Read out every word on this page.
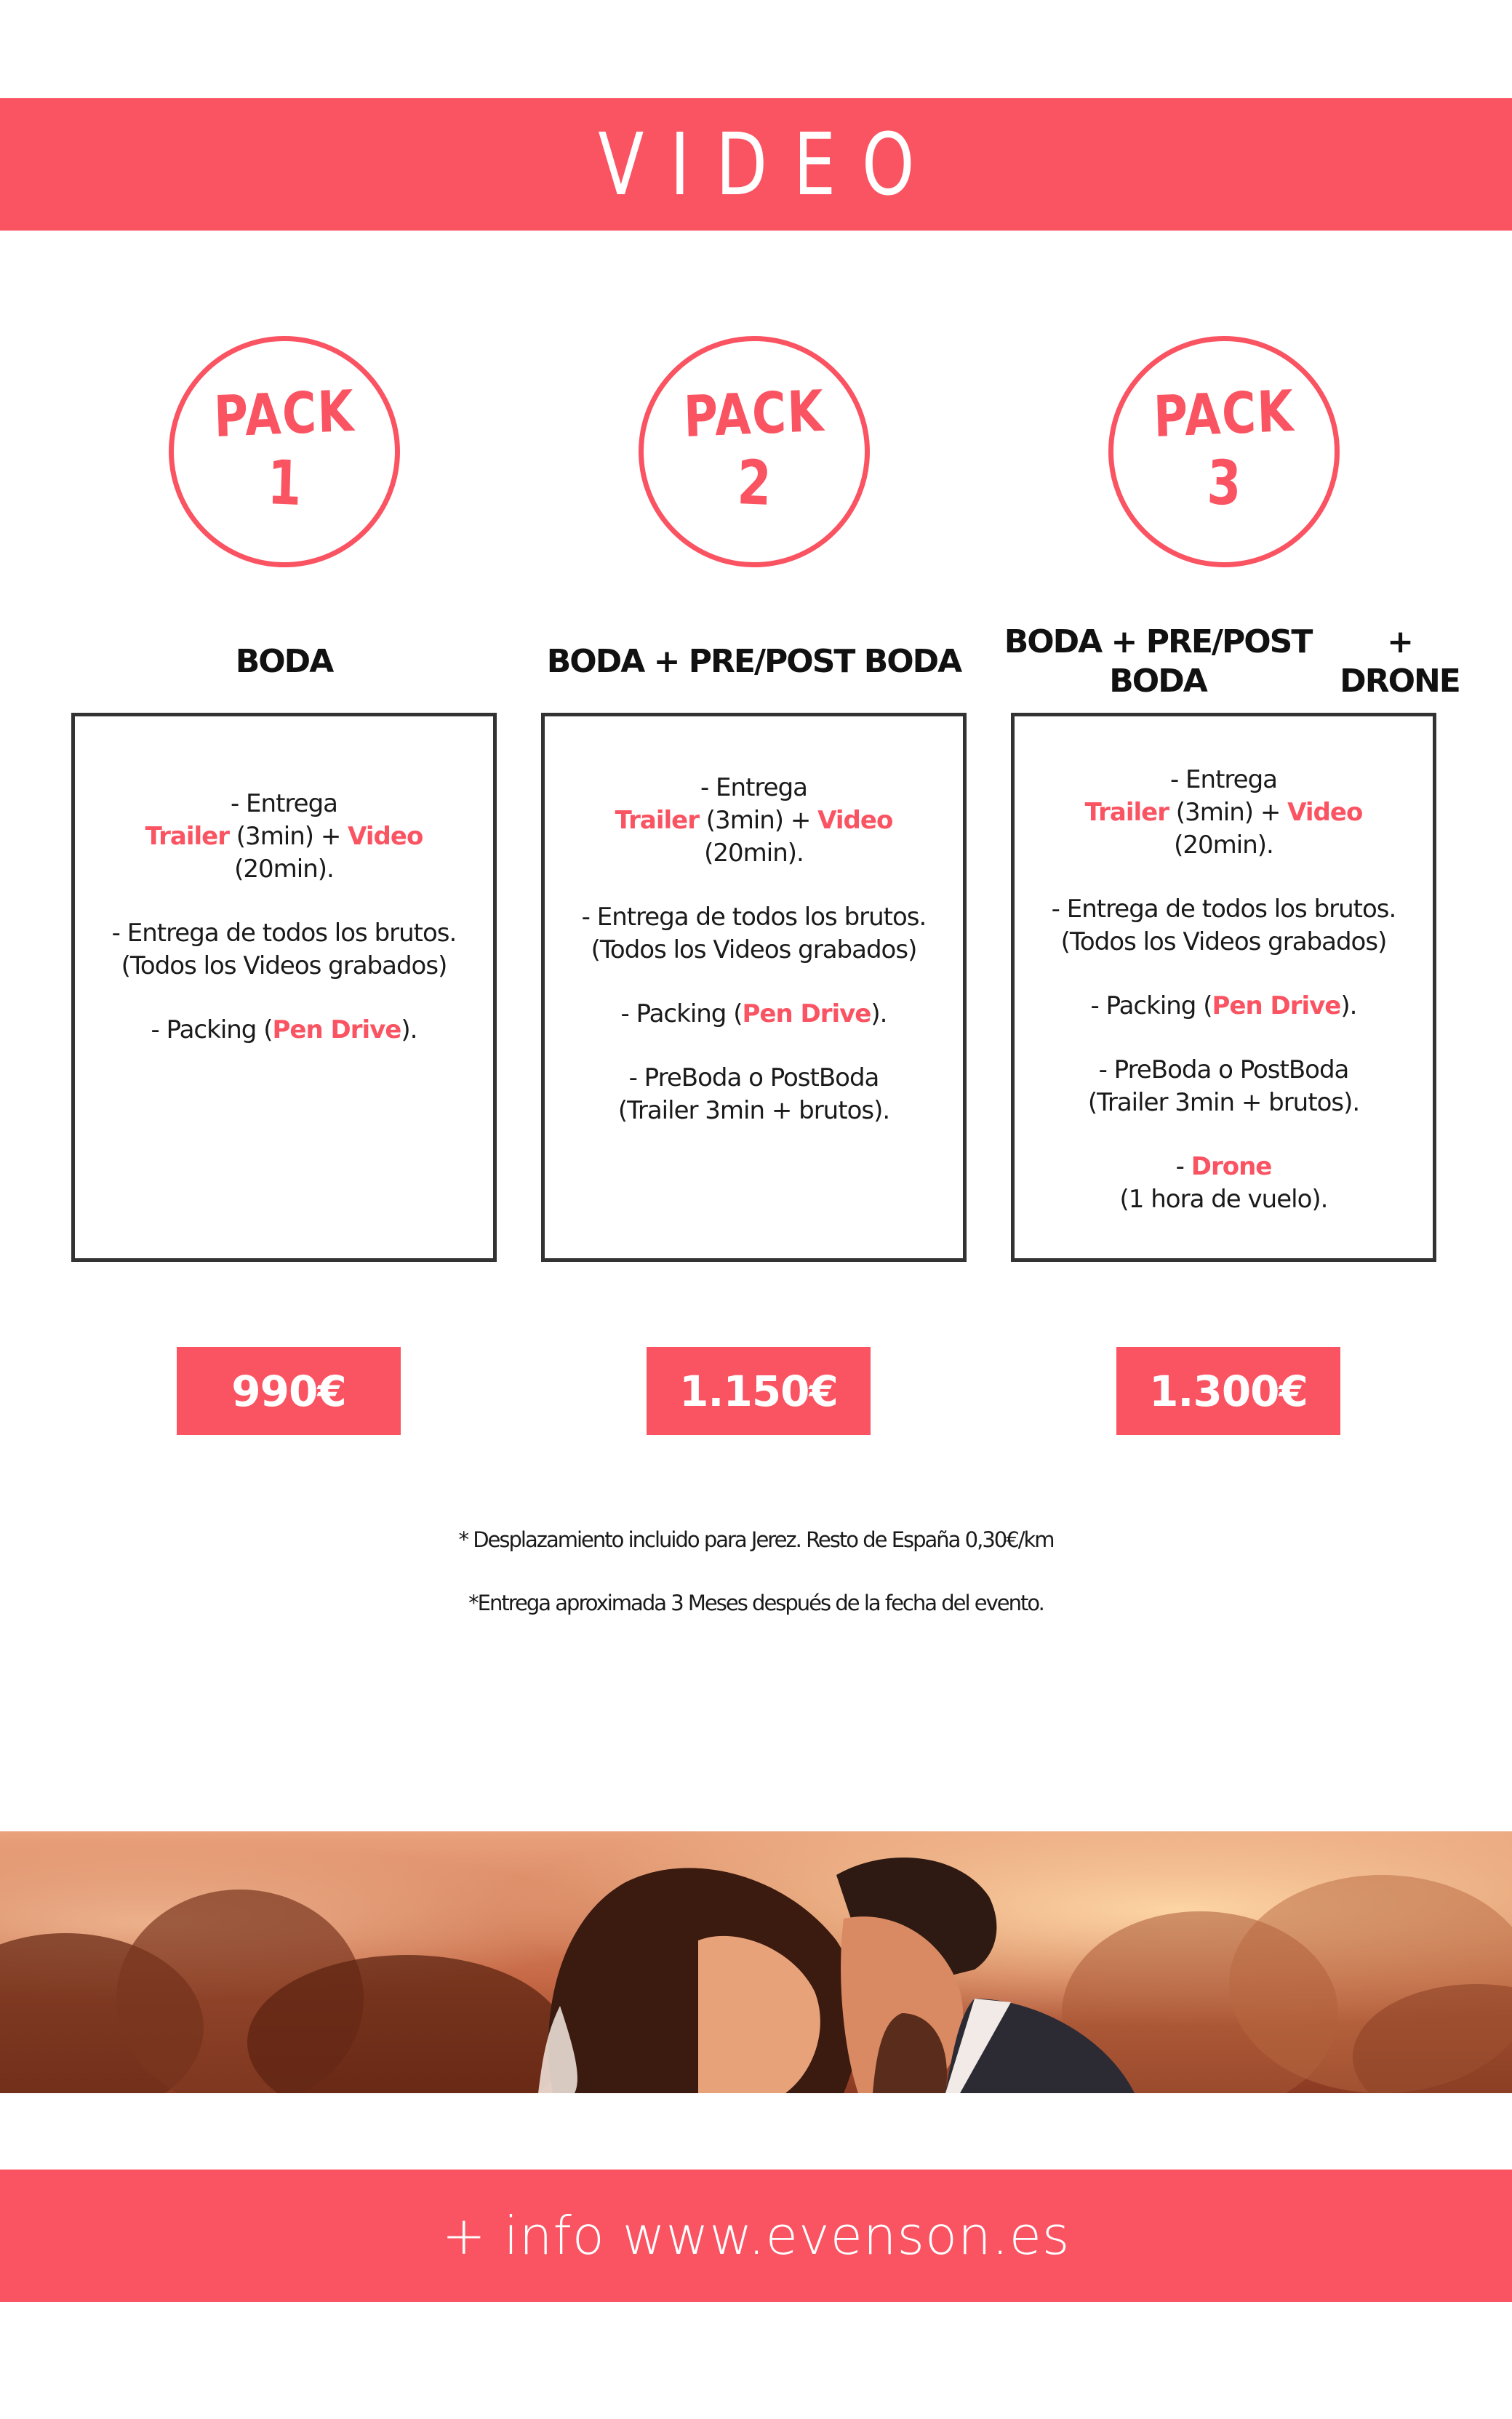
VIDEO
PACK
1
BODA
- Entrega
Trailer (3min) + Video (20min).
- Entrega de todos los brutos.
(Todos los Videos grabados)
- Packing (Pen Drive).
990€
PACK
2
BODA + PRE/POST BODA
- Entrega
Trailer (3min) + Video (20min).
- Entrega de todos los brutos.
(Todos los Videos grabados)
- Packing (Pen Drive).
- PreBoda o PostBoda
(Trailer 3min + brutos).
1.150€
PACK
3
BODA + PRE/POST BODA

+ DRONE
- Entrega
Trailer (3min) + Video (20min).
- Entrega de todos los brutos.
(Todos los Videos grabados)
- Packing (Pen Drive).
- PreBoda o PostBoda
(Trailer 3min + brutos).
- Drone
(1 hora de vuelo).
1.300€

* Desplazamiento incluido para Jerez. Resto de España 0,30€/km

*Entrega aproximada 3 Meses después de la fecha del evento.

+ info www.evenson.es
